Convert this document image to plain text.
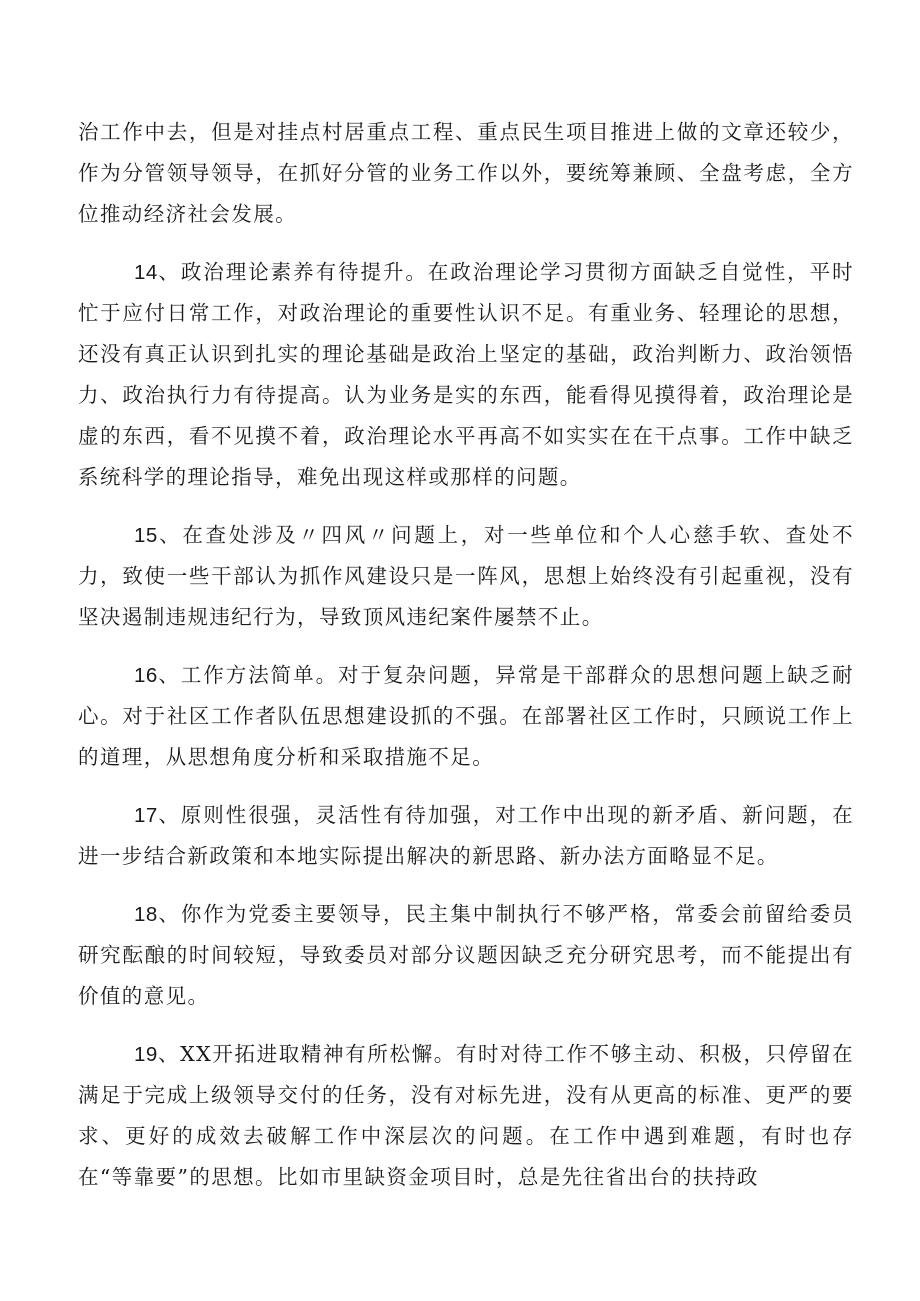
治工作中去，但是对挂点村居重点工程、重点民生项目推进上做的文章还较少，作为分管领导领导，在抓好分管的业务工作以外，要统筹兼顾、全盘考虑，全方位推动经济社会发展。

14、政治理论素养有待提升。在政治理论学习贯彻方面缺乏自觉性，平时忙于应付日常工作，对政治理论的重要性认识不足。有重业务、轻理论的思想，还没有真正认识到扎实的理论基础是政治上坚定的基础，政治判断力、政治领悟力、政治执行力有待提高。认为业务是实的东西，能看得见摸得着，政治理论是虚的东西，看不见摸不着，政治理论水平再高不如实实在在干点事。工作中缺乏系统科学的理论指导，难免出现这样或那样的问题。

15、在查处涉及〃四风〃问题上，对一些单位和个人心慈手软、查处不力，致使一些干部认为抓作风建设只是一阵风，思想上始终没有引起重视，没有坚决遏制违规违纪行为，导致顶风违纪案件屡禁不止。

16、工作方法简单。对于复杂问题，异常是干部群众的思想问题上缺乏耐心。对于社区工作者队伍思想建设抓的不强。在部署社区工作时，只顾说工作上的道理，从思想角度分析和采取措施不足。

17、原则性很强，灵活性有待加强，对工作中出现的新矛盾、新问题，在进一步结合新政策和本地实际提出解决的新思路、新办法方面略显不足。

18、你作为党委主要领导，民主集中制执行不够严格，常委会前留给委员研究酝酿的时间较短，导致委员对部分议题因缺乏充分研究思考，而不能提出有价值的意见。

19、XX开拓进取精神有所松懈。有时对待工作不够主动、积极，只停留在满足于完成上级领导交付的任务，没有对标先进，没有从更高的标准、更严的要求、更好的成效去破解工作中深层次的问题。在工作中遇到难题，有时也存在“等靠要”的思想。比如市里缺资金项目时，总是先往省出台的扶持政
